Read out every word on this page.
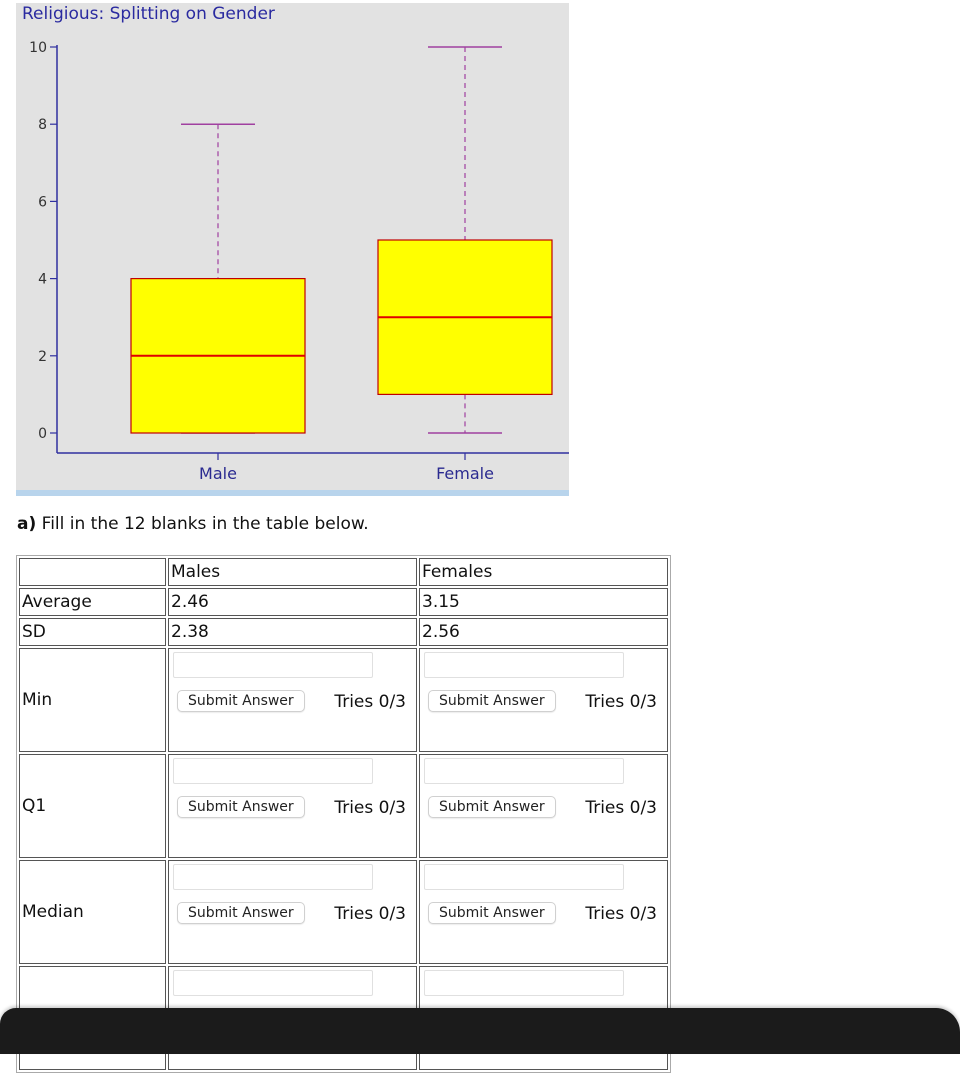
Religious: Splitting on Gender
0
2
4
6
8
10
Male	Female
a) Fill in the 12 blanks in the table below.
	Males	Females
Average	2.46	3.15
SD	2.38	2.56
Min	Submit Answer Tries 0/3	Submit Answer Tries 0/3

Q1	Submit Answer Tries 0/3	Submit Answer Tries 0/3

Median	Submit Answer Tries 0/3	Submit Answer Tries 0/3
